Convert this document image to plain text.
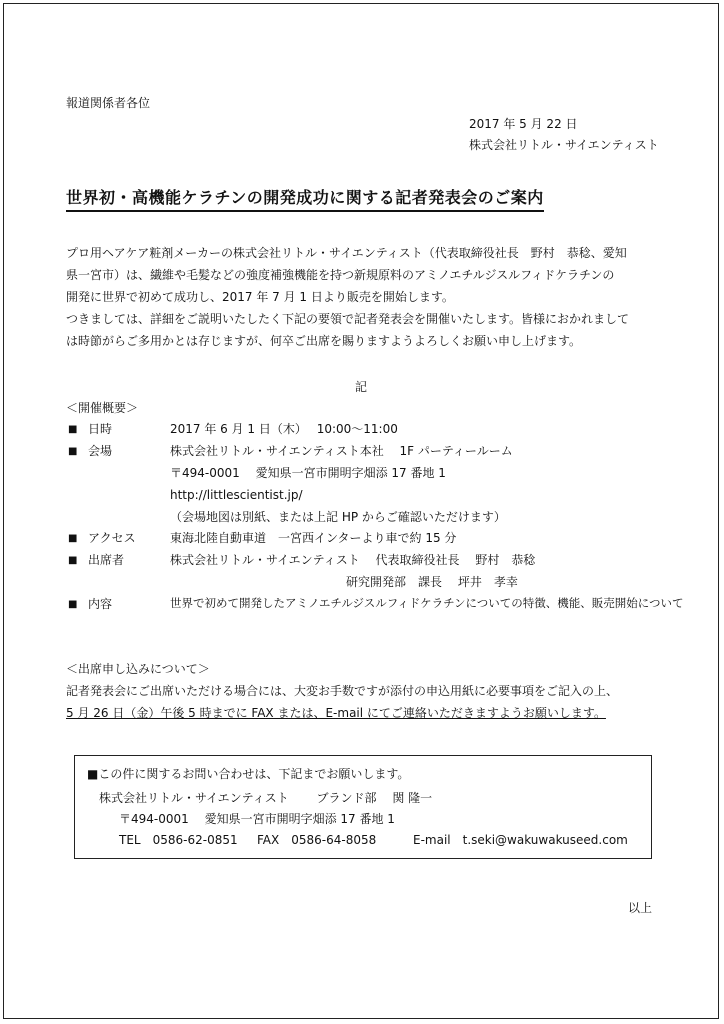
報道関係者各位
2017 年 5 月 22 日
株式会社リトル・サイエンティスト
世界初・高機能ケラチンの開発成功に関する記者発表会のご案内
プロ用ヘアケア粧剤メーカーの株式会社リトル・サイエンティスト（代表取締役社長　野村　恭稔、愛知
県一宮市）は、繊維や毛髪などの強度補強機能を持つ新規原料のアミノエチルジスルフィドケラチンの
開発に世界で初めて成功し、2017 年 7 月 1 日より販売を開始します。
つきましては、詳細をご説明いたしたく下記の要領で記者発表会を開催いたします。皆様におかれまして
は時節がらご多用かとは存じますが、何卒ご出席を賜りますようよろしくお願い申し上げます。
記
＜開催概要＞
■ 日時	2017 年 6 月 1 日（木）　 10:00～11:00
■ 会場	株式会社リトル・サイエンティスト本社　 1F パーティールーム
〒494-0001　 愛知県一宮市開明字畑添 17 番地 1
http://littlescientist.jp/
（会場地図は別紙、または上記 HP からご確認いただけます）
■ アクセス	東海北陸自動車道　一宮西インターより車で約 15 分
■ 出席者	株式会社リトル・サイエンティスト　 代表取締役社長　 野村　恭稔
研究開発部　課長　 坪井　孝幸
■ 内容	世界で初めて開発したアミノエチルジスルフィドケラチンについての特徴、機能、販売開始について
＜出席申し込みについて＞
記者発表会にご出席いただける場合には、大変お手数ですが添付の申込用紙に必要事項をご記入の上、
5 月 26 日（金）午後 5 時までに FAX または、E-mail にてご連絡いただきますようお願いします。
■この件に関するお問い合わせは、下記までお願いします。
株式会社リトル・サイエンティスト　　 ブランド部　 関 隆一
〒494-0001　 愛知県一宮市開明字畑添 17 番地 1
TEL　0586-62-0851 FAX　0586-64-8058	E-mail　t.seki@wakuwakuseed.com
以上
